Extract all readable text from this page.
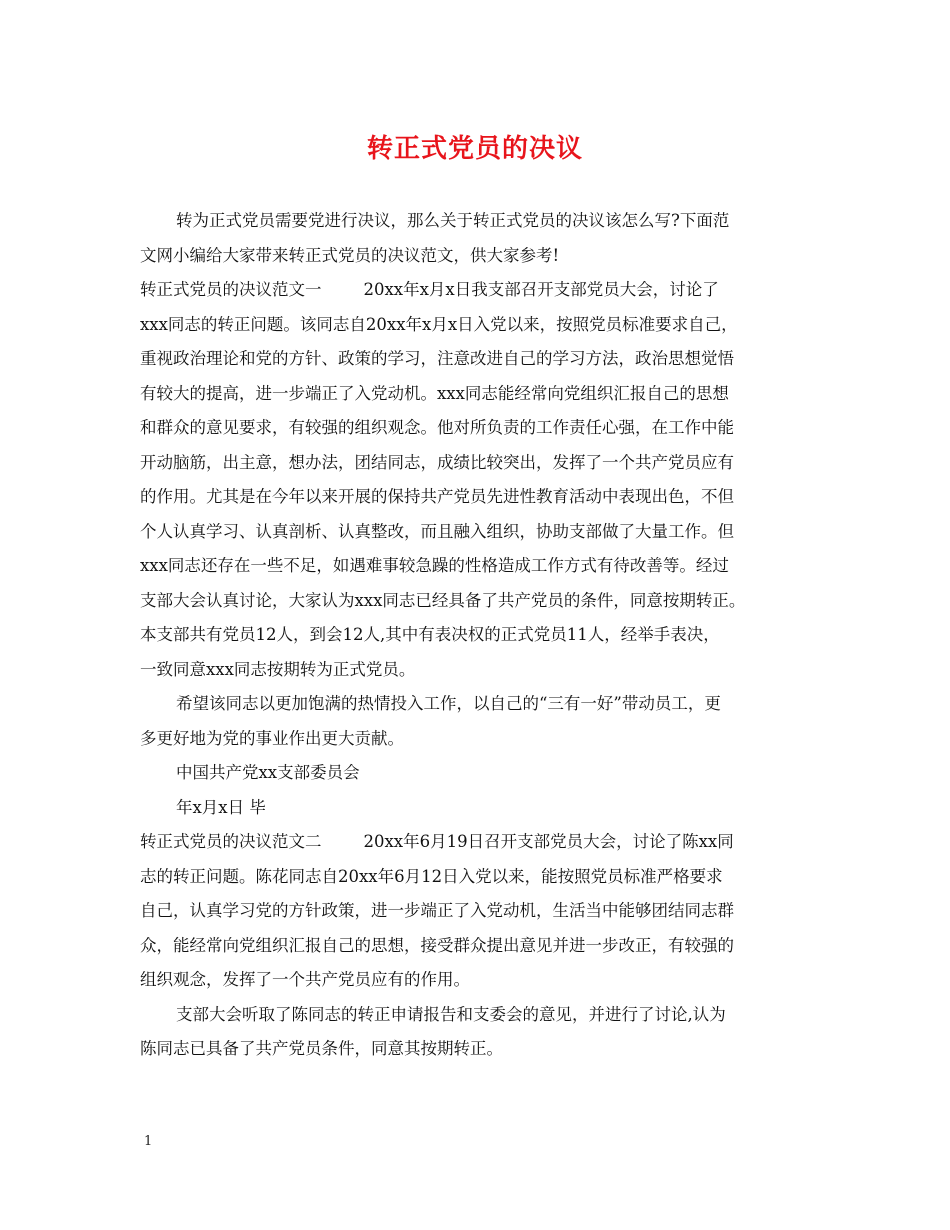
转正式党员的决议
转为正式党员需要党进行决议，那么关于转正式党员的决议该怎么写?下面范
文网小编给大家带来转正式党员的决议范文，供大家参考!
转正式党员的决议范文一	20xx年x月x日我支部召开支部党员大会，讨论了
xxx同志的转正问题。该同志自20xx年x月x日入党以来，按照党员标准要求自己，
重视政治理论和党的方针、政策的学习，注意改进自己的学习方法，政治思想觉悟
有较大的提高，进一步端正了入党动机。xxx同志能经常向党组织汇报自己的思想
和群众的意见要求，有较强的组织观念。他对所负责的工作责任心强，在工作中能
开动脑筋，出主意，想办法，团结同志，成绩比较突出，发挥了一个共产党员应有
的作用。尤其是在今年以来开展的保持共产党员先进性教育活动中表现出色，不但
个人认真学习、认真剖析、认真整改，而且融入组织，协助支部做了大量工作。但
xxx同志还存在一些不足，如遇难事较急躁的性格造成工作方式有待改善等。经过
支部大会认真讨论，大家认为xxx同志已经具备了共产党员的条件，同意按期转正。
本支部共有党员12人，到会12人,其中有表决权的正式党员11人，经举手表决，
一致同意xxx同志按期转为正式党员。
希望该同志以更加饱满的热情投入工作，以自己的“三有一好”带动员工，更
多更好地为党的事业作出更大贡献。
中国共产党xx支部委员会
年x月x日 毕
转正式党员的决议范文二	20xx年6月19日召开支部党员大会，讨论了陈xx同
志的转正问题。陈花同志自20xx年6月12日入党以来，能按照党员标准严格要求
自己，认真学习党的方针政策，进一步端正了入党动机，生活当中能够团结同志群
众，能经常向党组织汇报自己的思想，接受群众提出意见并进一步改正，有较强的
组织观念，发挥了一个共产党员应有的作用。
支部大会听取了陈同志的转正申请报告和支委会的意见，并进行了讨论,认为
陈同志已具备了共产党员条件，同意其按期转正。
1
